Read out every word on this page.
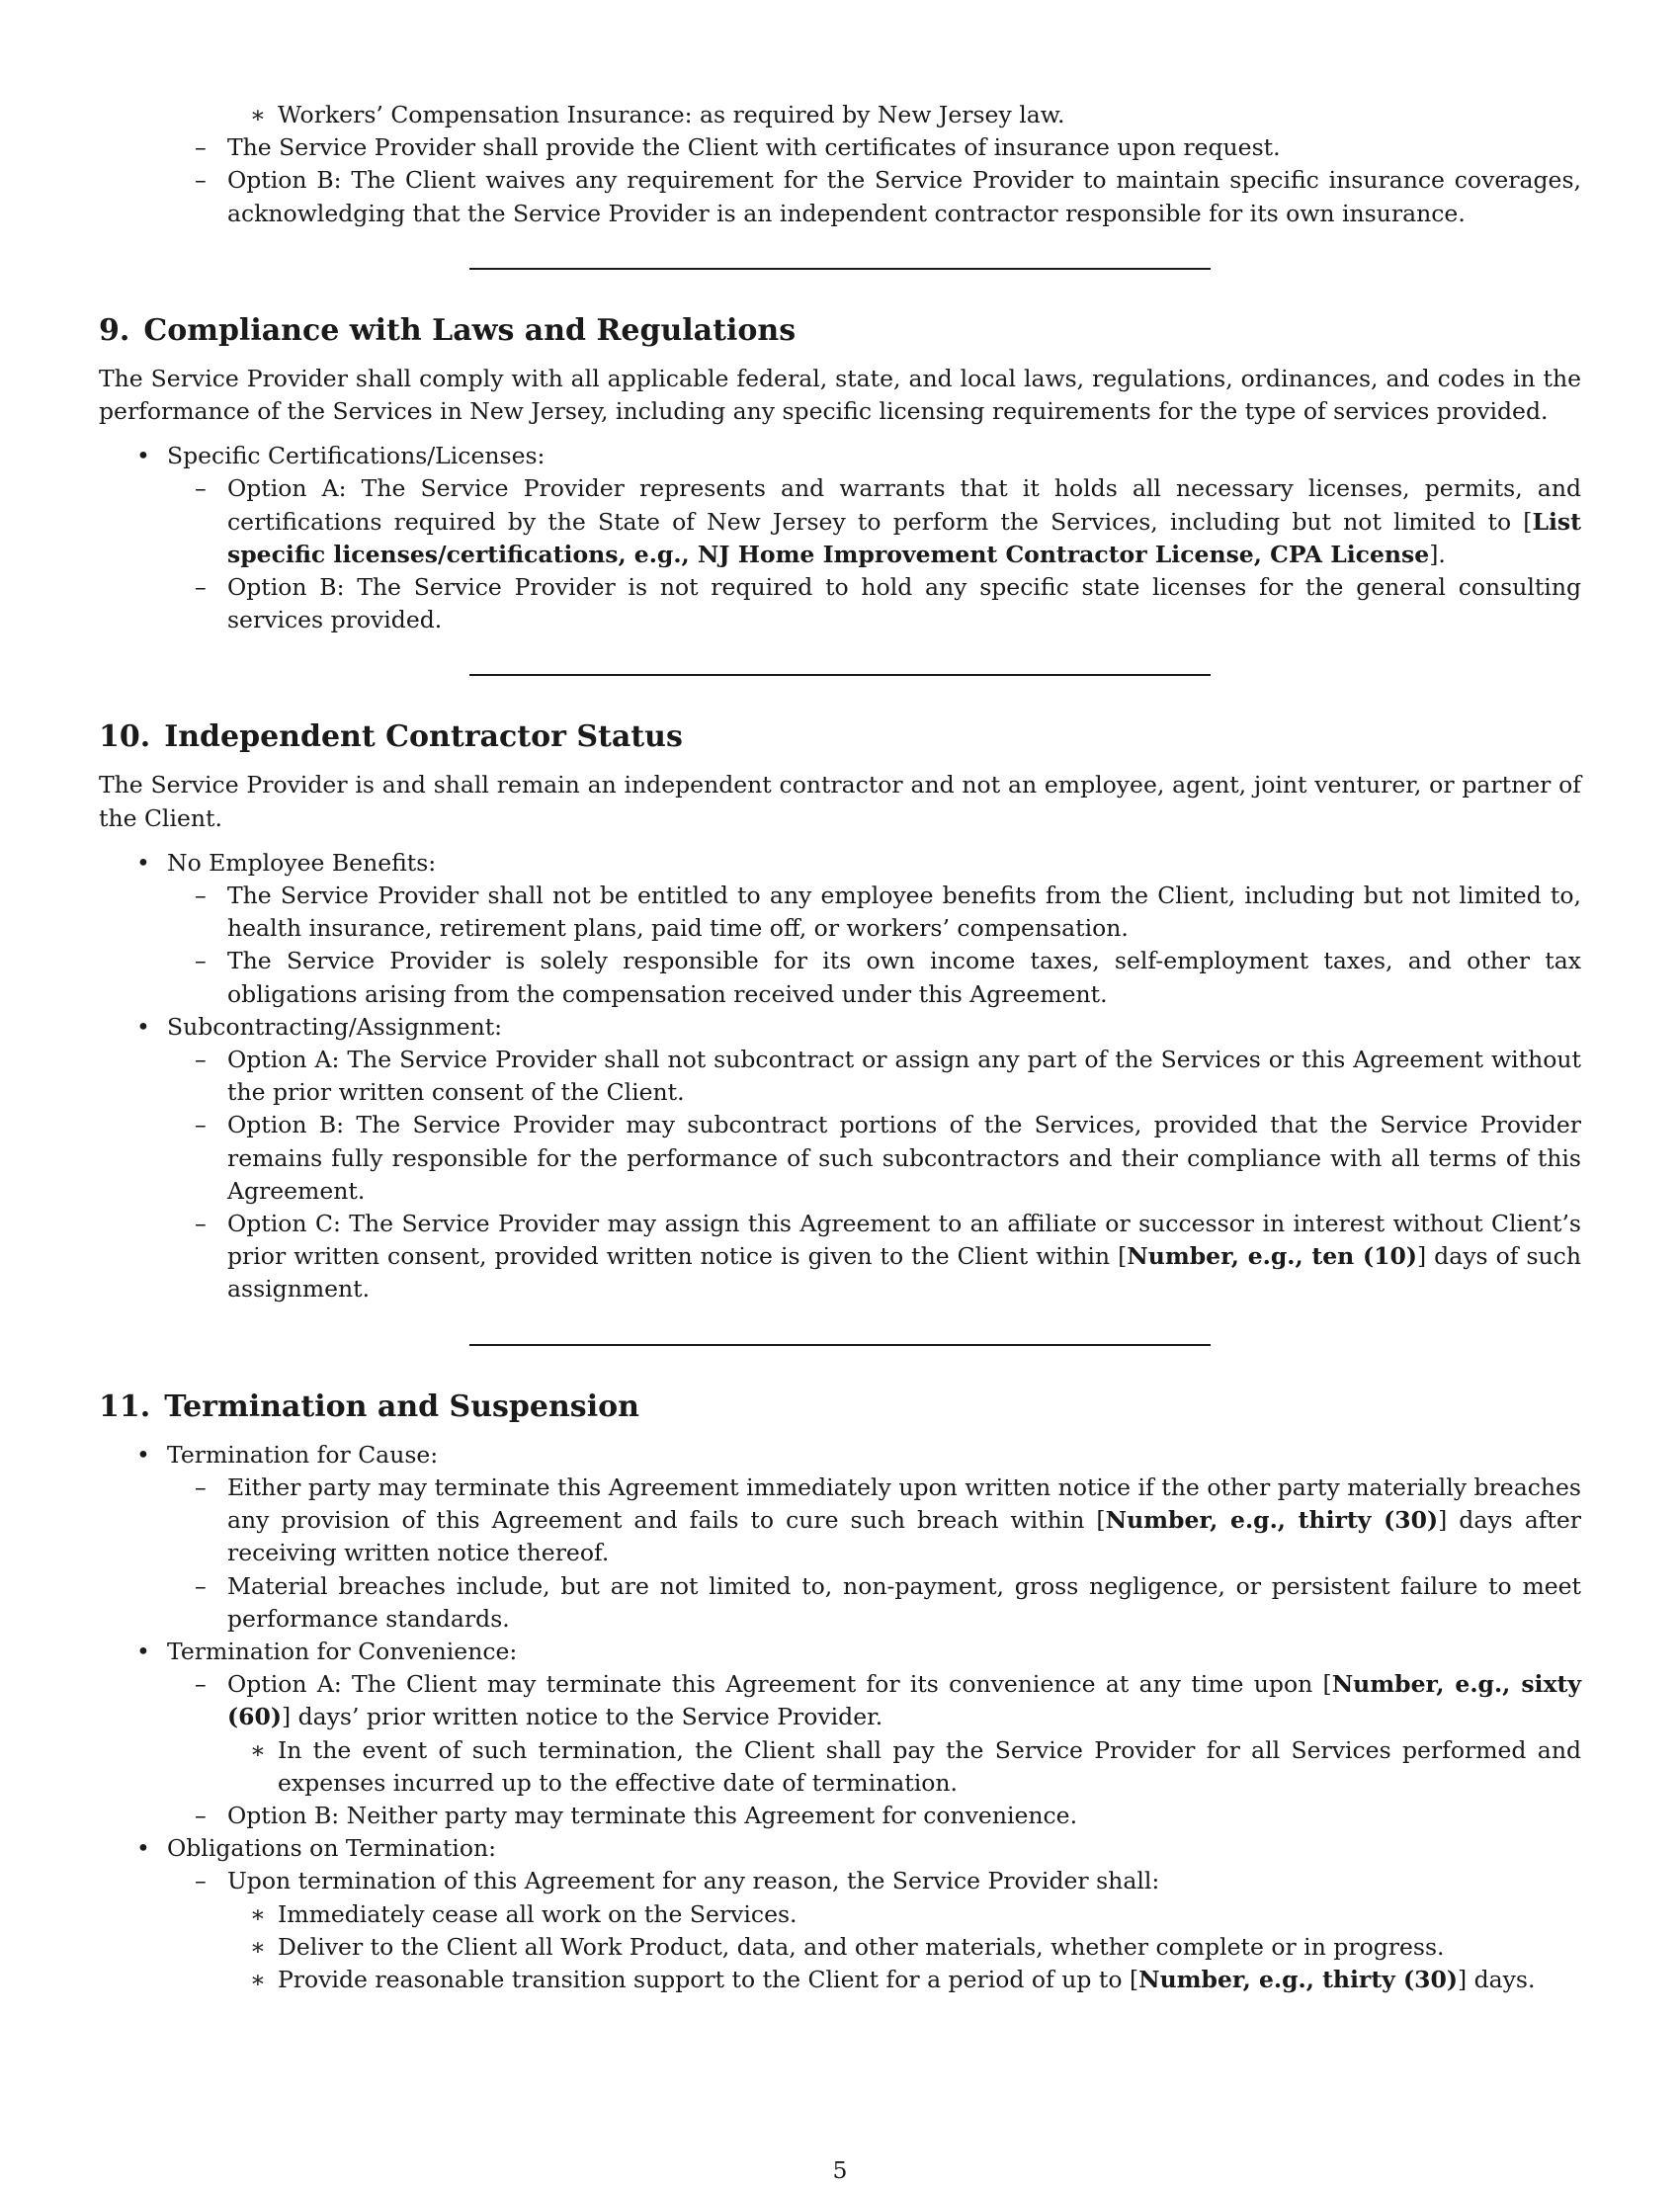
∗ Workers’ Compensation Insurance: as required by New Jersey law.
– The Service Provider shall provide the Client with certificates of insurance upon request.
– Option B: The Client waives any requirement for the Service Provider to maintain specific insurance coverages, acknowledging that the Service Provider is an independent contractor responsible for its own insurance.
9. Compliance with Laws and Regulations

The Service Provider shall comply with all applicable federal, state, and local laws, regulations, ordinances, and codes in the performance of the Services in New Jersey, including any specific licensing requirements for the type of services provided.

• Specific Certifications/Licenses:
– Option A: The Service Provider represents and warrants that it holds all necessary licenses, permits, and certifications required by the State of New Jersey to perform the Services, including but not limited to [List specific licenses/certifications, e.g., NJ Home Improvement Contractor License, CPA License].
– Option B: The Service Provider is not required to hold any specific state licenses for the general consulting services provided.
10. Independent Contractor Status

The Service Provider is and shall remain an independent contractor and not an employee, agent, joint venturer, or partner of the Client.

• No Employee Benefits:
– The Service Provider shall not be entitled to any employee benefits from the Client, including but not limited to, health insurance, retirement plans, paid time off, or workers’ compensation.
– The Service Provider is solely responsible for its own income taxes, self-employment taxes, and other tax obligations arising from the compensation received under this Agreement.
• Subcontracting/Assignment:
– Option A: The Service Provider shall not subcontract or assign any part of the Services or this Agreement without the prior written consent of the Client.
– Option B: The Service Provider may subcontract portions of the Services, provided that the Service Provider remains fully responsible for the performance of such subcontractors and their compliance with all terms of this Agreement.
– Option C: The Service Provider may assign this Agreement to an affiliate or successor in interest without Client’s prior written consent, provided written notice is given to the Client within [Number, e.g., ten (10)] days of such assignment.
11. Termination and Suspension
• Termination for Cause:
– Either party may terminate this Agreement immediately upon written notice if the other party materially breaches any provision of this Agreement and fails to cure such breach within [Number, e.g., thirty (30)] days after receiving written notice thereof.
– Material breaches include, but are not limited to, non-payment, gross negligence, or persistent failure to meet performance standards.
• Termination for Convenience:
– Option A: The Client may terminate this Agreement for its convenience at any time upon [Number, e.g., sixty (60)] days’ prior written notice to the Service Provider.
∗ In the event of such termination, the Client shall pay the Service Provider for all Services performed and expenses incurred up to the effective date of termination.
– Option B: Neither party may terminate this Agreement for convenience.
• Obligations on Termination:
– Upon termination of this Agreement for any reason, the Service Provider shall:
∗ Immediately cease all work on the Services.
∗ Deliver to the Client all Work Product, data, and other materials, whether complete or in progress.
∗ Provide reasonable transition support to the Client for a period of up to [Number, e.g., thirty (30)] days.
5
